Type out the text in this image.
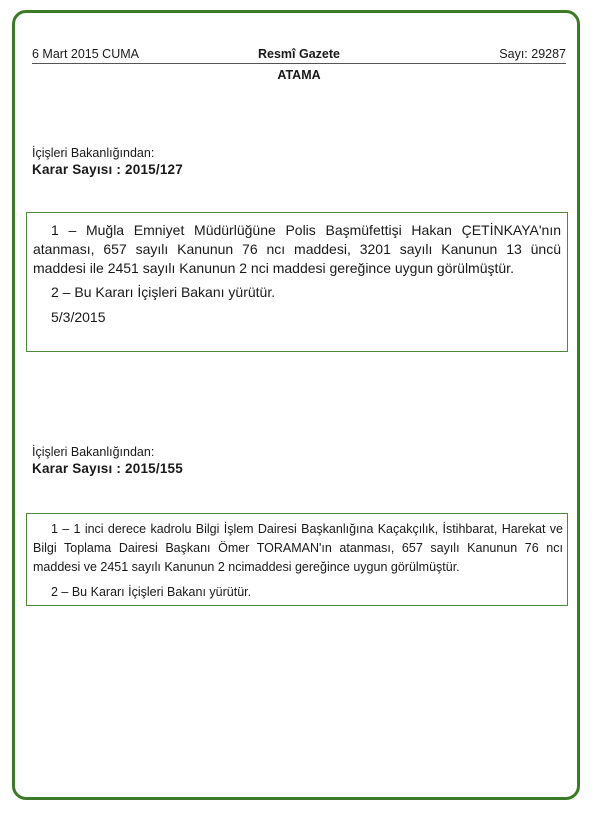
6 Mart 2015 CUMA	Resmî Gazete	Sayı: 29287
ATAMA
İçişleri Bakanlığından:
Karar Sayısı : 2015/127

1 – Muğla Emniyet Müdürlüğüne Polis Başmüfettişi Hakan ÇETİNKAYA'nın atanması, 657 sayılı Kanunun 76 ncı maddesi, 3201 sayılı Kanunun 13 üncü maddesi ile 2451 sayılı Kanunun 2 nci maddesi gereğince uygun görülmüştür.

2 – Bu Kararı İçişleri Bakanı yürütür.

5/3/2015

İçişleri Bakanlığından:
Karar Sayısı : 2015/155

1 – 1 inci derece kadrolu Bilgi İşlem Dairesi Başkanlığına Kaçakçılık, İstihbarat, Harekat ve Bilgi Toplama Dairesi Başkanı Ömer TORAMAN'ın atanması, 657 sayılı Kanunun 76 ncı maddesi ve 2451 sayılı Kanunun 2 ncimaddesi gereğince uygun görülmüştür.

2 – Bu Kararı İçişleri Bakanı yürütür.
